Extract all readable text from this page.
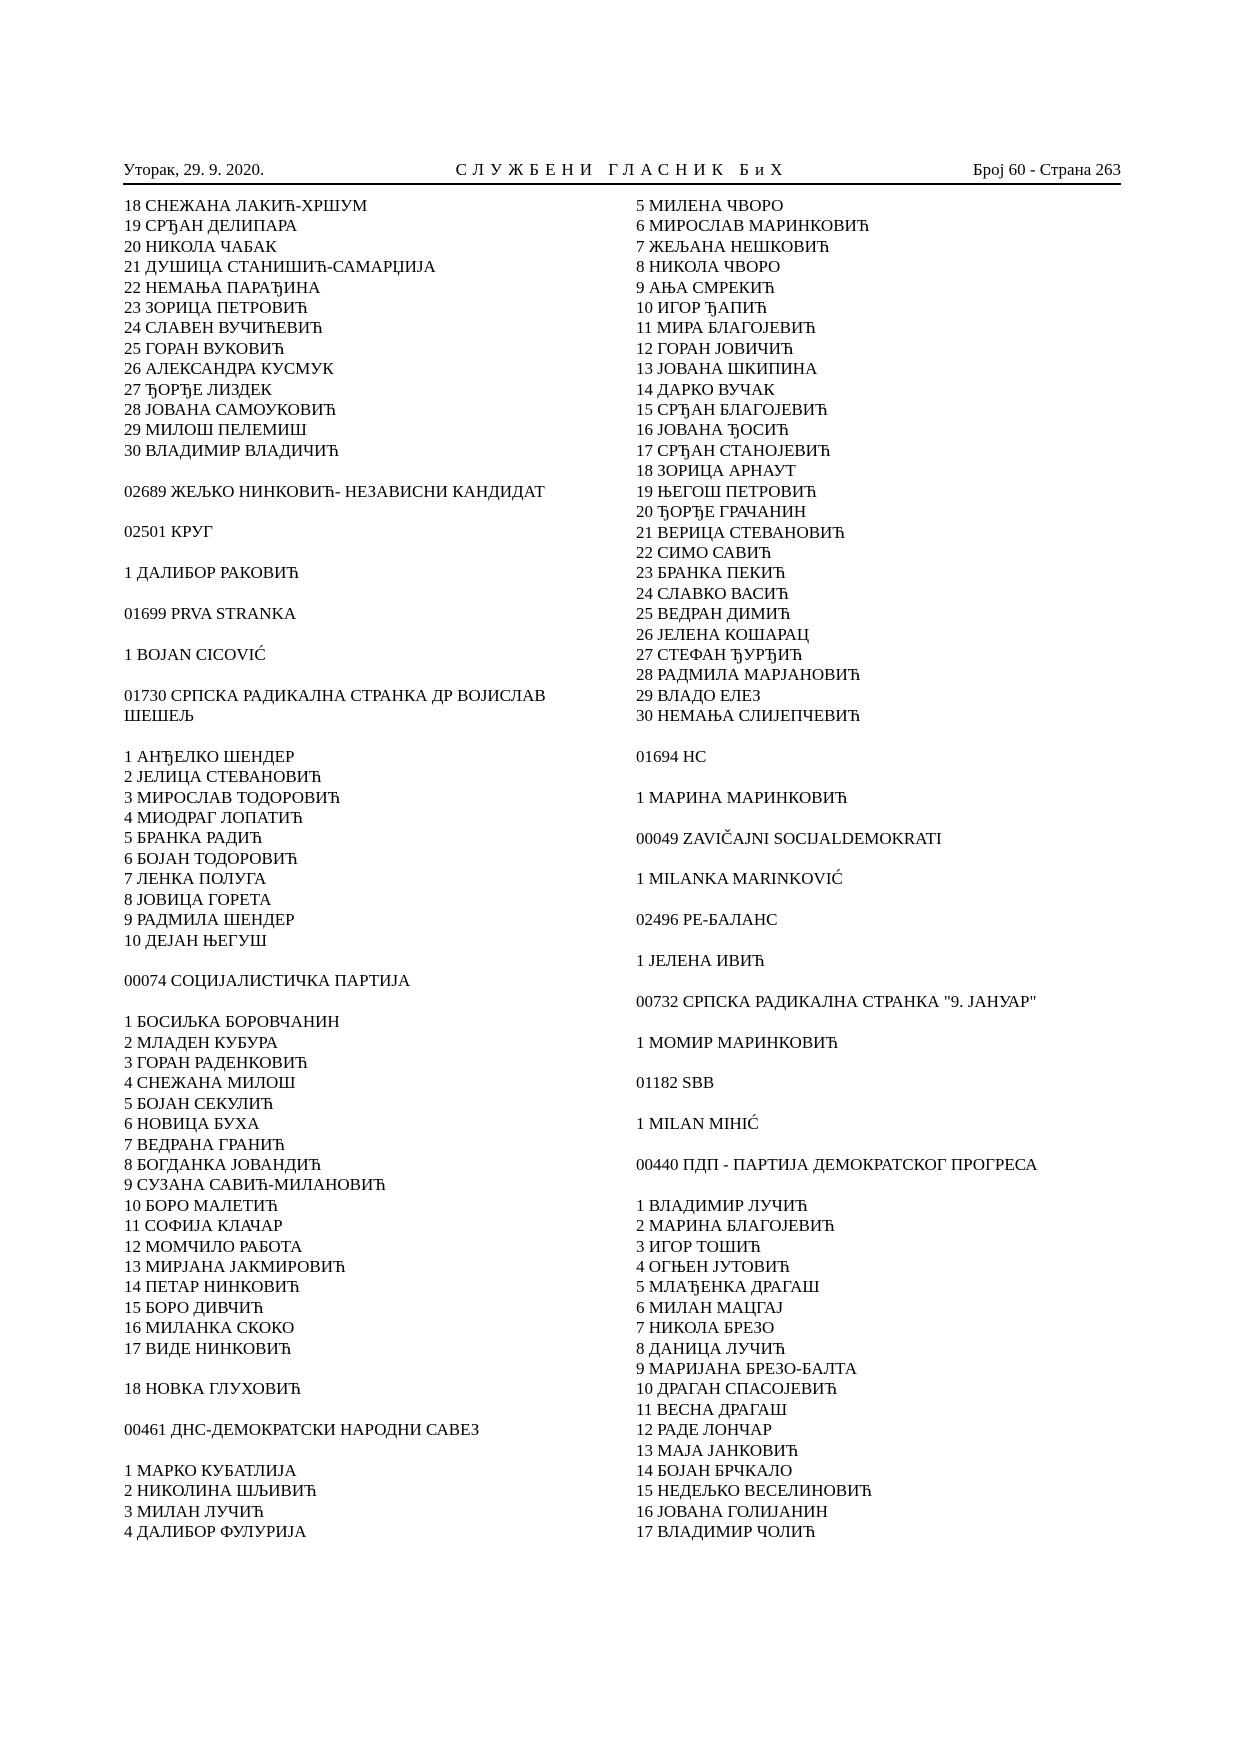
Уторак, 29. 9. 2020.	СЛУЖБЕНИ ГЛАСНИК БиХ	Број 60 - Страна 263
18 СНЕЖАНА ЛАКИЋ-ХРШУМ
19 СРЂАН ДЕЛИПАРА
20 НИКОЛА ЧАБАК
21 ДУШИЦА СТАНИШИЋ-САМАРЏИЈА
22 НЕМАЊА ПАРАЂИНА
23 ЗОРИЦА ПЕТРОВИЋ
24 СЛАВЕН ВУЧИЋЕВИЋ
25 ГОРАН ВУКОВИЋ
26 АЛЕКСАНДРА КУСМУК
27 ЂОРЂЕ ЛИЗДЕК
28 ЈОВАНА САМОУКОВИЋ
29 МИЛОШ ПЕЛЕМИШ
30 ВЛАДИМИР ВЛАДИЧИЋ
02689 ЖЕЉКО НИНКОВИЋ- НЕЗАВИСНИ КАНДИДАТ
02501 КРУГ
1 ДАЛИБОР РАКОВИЋ
01699 PRVA STRANKA
1 BOJAN CICOVIĆ
01730 СРПСКА РАДИКАЛНА СТРАНКА ДР ВОЈИСЛАВ ШЕШЕЉ
1 АНЂЕЛКО ШЕНДЕР
2 ЈЕЛИЦА СТЕВАНОВИЋ
3 МИРОСЛАВ ТОДОРОВИЋ
4 МИОДРАГ ЛОПАТИЋ
5 БРАНКА РАДИЋ
6 БОЈАН ТОДОРОВИЋ
7 ЛЕНКА ПОЛУГА
8 ЈОВИЦА ГОРЕТА
9 РАДМИЛА ШЕНДЕР
10 ДЕЈАН ЊЕГУШ
00074 СОЦИЈАЛИСТИЧКА ПАРТИЈА
1 БОСИЉКА БОРОВЧАНИН
2 МЛАДЕН КУБУРА
3 ГОРАН РАДЕНКОВИЋ
4 СНЕЖАНА МИЛОШ
5 БОЈАН СЕКУЛИЋ
6 НОВИЦА БУХА
7 ВЕДРАНА ГРАНИЋ
8 БОГДАНКА ЈОВАНДИЋ
9 СУЗАНА САВИЋ-МИЛАНОВИЋ
10 БОРО МАЛЕТИЋ
11 СОФИЈА КЛАЧАР
12 МОМЧИЛО РАБОТА
13 МИРЈАНА ЈАКМИРОВИЋ
14 ПЕТАР НИНКОВИЋ
15 БОРО ДИВЧИЋ
16 МИЛАНКА СКОКО
17 ВИДЕ НИНКОВИЋ
18 НОВКА ГЛУХОВИЋ
00461 ДНС-ДЕМОКРАТСКИ НАРОДНИ САВЕЗ
1 МАРКО КУБАТЛИЈА
2 НИКОЛИНА ШЉИВИЋ
3 МИЛАН ЛУЧИЋ
4 ДАЛИБОР ФУЛУРИЈА
5 МИЛЕНА ЧВОРО
6 МИРОСЛАВ МАРИНКОВИЋ
7 ЖЕЉАНА НЕШКОВИЋ
8 НИКОЛА ЧВОРО
9 АЊА СМРЕКИЋ
10 ИГОР ЂАПИЋ
11 МИРА БЛАГОЈЕВИЋ
12 ГОРАН ЈОВИЧИЋ
13 ЈОВАНА ШКИПИНА
14 ДАРКО ВУЧАК
15 СРЂАН БЛАГОЈЕВИЋ
16 ЈОВАНА ЂОСИЋ
17 СРЂАН СТАНОЈЕВИЋ
18 ЗОРИЦА АРНАУТ
19 ЊЕГОШ ПЕТРОВИЋ
20 ЂОРЂЕ ГРАЧАНИН
21 ВЕРИЦА СТЕВАНОВИЋ
22 СИМО САВИЋ
23 БРАНКА ПЕКИЋ
24 СЛАВКО ВАСИЋ
25 ВЕДРАН ДИМИЋ
26 ЈЕЛЕНА КОШАРАЦ
27 СТЕФАН ЂУРЂИЋ
28 РАДМИЛА МАРЈАНОВИЋ
29 ВЛАДО ЕЛЕЗ
30 НЕМАЊА СЛИЈЕПЧЕВИЋ
01694 НС
1 МАРИНА МАРИНКОВИЋ
00049 ZAVIČAJNI SOCIJALDEMOKRATI
1 MILANKA MARINKOVIĆ
02496 РЕ-БАЛАНС
1 ЈЕЛЕНА ИВИЋ
00732 СРПСКА РАДИКАЛНА СТРАНКА "9. ЈАНУАР"
1 МОМИР МАРИНКОВИЋ
01182 SBB
1 MILAN MIHIĆ
00440 ПДП - ПАРТИЈА ДЕМОКРАТСКОГ ПРОГРЕСА
1 ВЛАДИМИР ЛУЧИЋ
2 МАРИНА БЛАГОЈЕВИЋ
3 ИГОР ТОШИЋ
4 ОГЊЕН ЈУТОВИЋ
5 МЛАЂЕНКА ДРАГАШ
6 МИЛАН МАЦГАЈ
7 НИКОЛА БРЕЗО
8 ДАНИЦА ЛУЧИЋ
9 МАРИЈАНА БРЕЗО-БАЛТА
10 ДРАГАН СПАСОЈЕВИЋ
11 ВЕСНА ДРАГАШ
12 РАДЕ ЛОНЧАР
13 МАЈА ЈАНКОВИЋ
14 БОЈАН БРЧКАЛО
15 НЕДЕЉКО ВЕСЕЛИНОВИЋ
16 ЈОВАНА ГОЛИЈАНИН
17 ВЛАДИМИР ЧОЛИЋ
